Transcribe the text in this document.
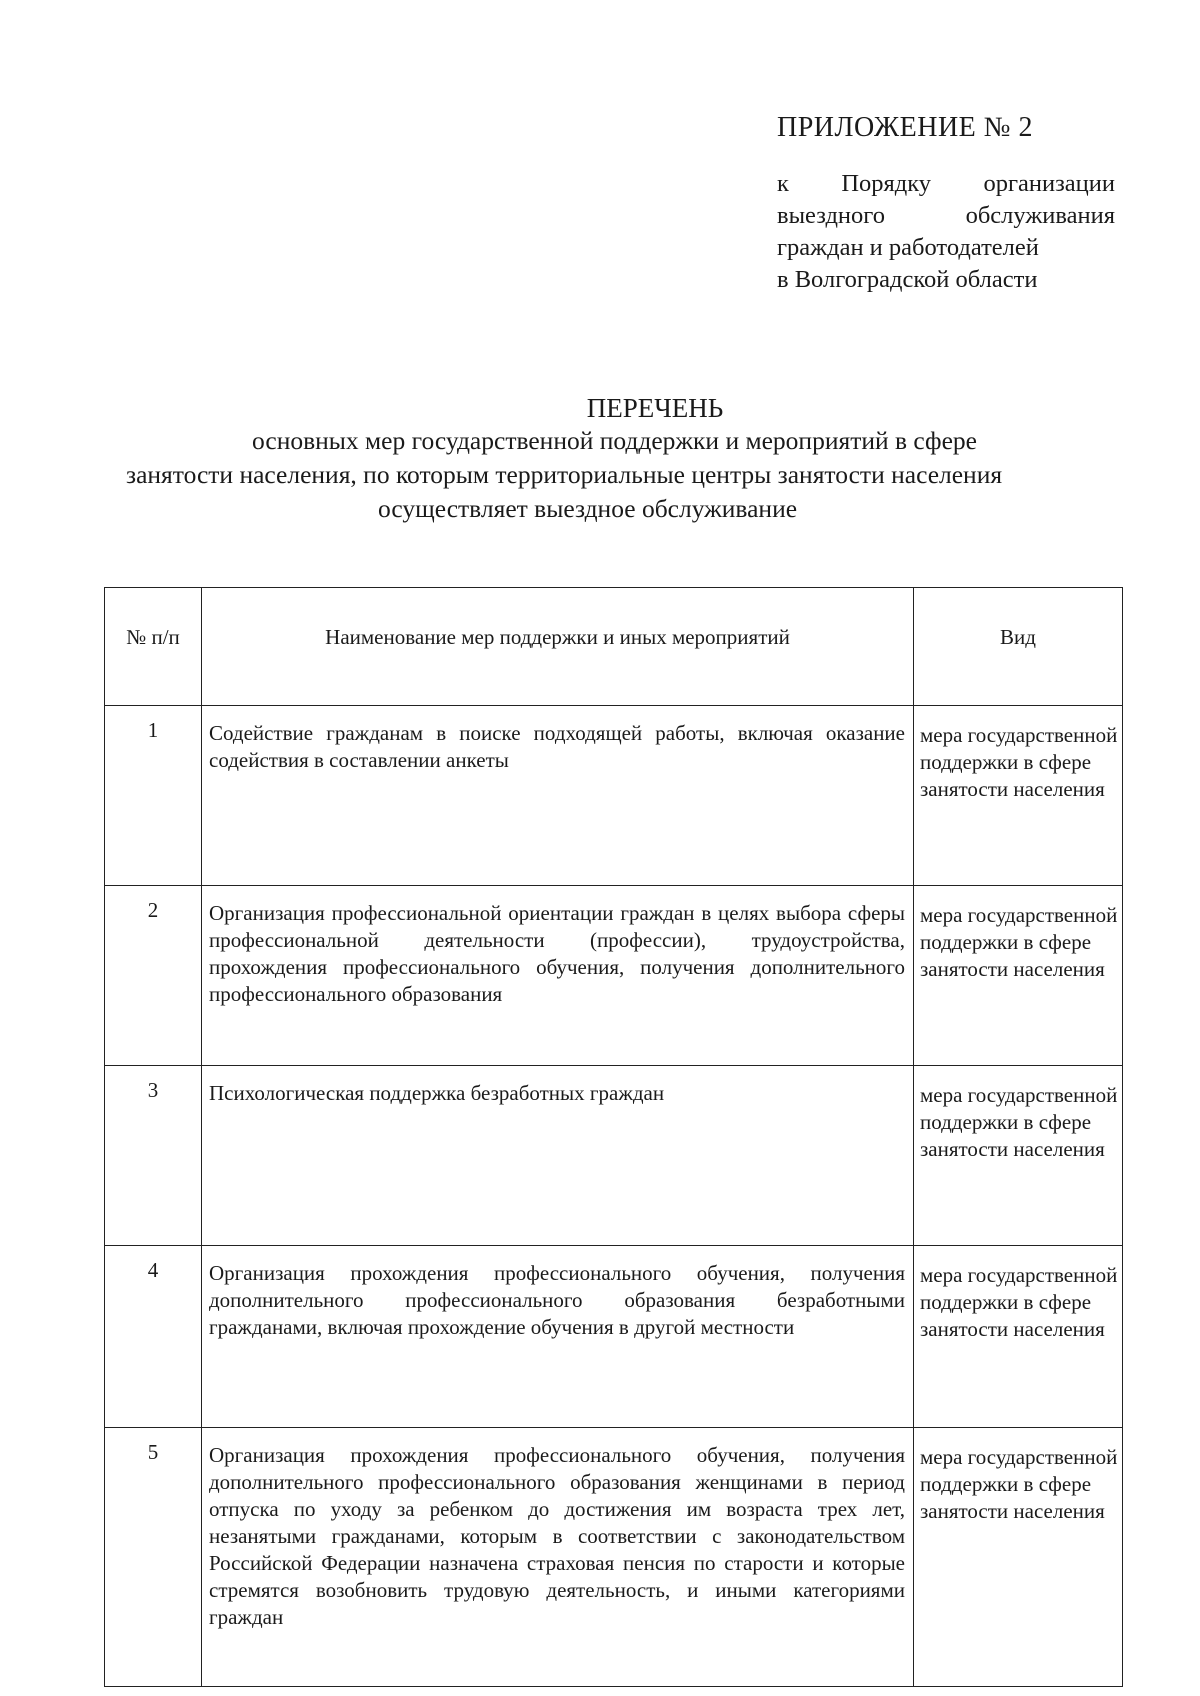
ПРИЛОЖЕНИЕ № 2
к Порядку организации
выездного обслуживания
граждан и работодателей
в Волгоградской области
ПЕРЕЧЕНЬ
основных мер государственной поддержки и мероприятий в сфере
занятости населения, по которым территориальные центры занятости населения
осуществляет выездное обслуживание
№ п/п	Наименование мер поддержки и иных мероприятий	Вид
1	Содействие гражданам в поиске подходящей работы, включая оказание содействия в составлении анкеты	мера государственной поддержки в сфере занятости населения

2	Организация профессиональной ориентации граждан в целях выбора сферы профессиональной деятельности (профессии), трудоустройства, прохождения профессионального обучения, получения дополнительного профессионального образования	мера государственной поддержки в сфере занятости населения

3	Психологическая поддержка безработных граждан	мера государственной поддержки в сфере занятости населения

4	Организация прохождения профессионального обучения, получения дополнительного профессионального образования безработными гражданами, включая прохождение обучения в другой местности	мера государственной поддержки в сфере занятости населения

5	Организация прохождения профессионального обучения, получения дополнительного профессионального образования женщинами в период отпуска по уходу за ребенком до достижения им возраста трех лет, незанятыми гражданами, которым в соответствии с законодательством Российской Федерации назначена страховая пенсия по старости и которые стремятся возобновить трудовую деятельность, и иными категориями граждан	мера государственной поддержки в сфере занятости населения
